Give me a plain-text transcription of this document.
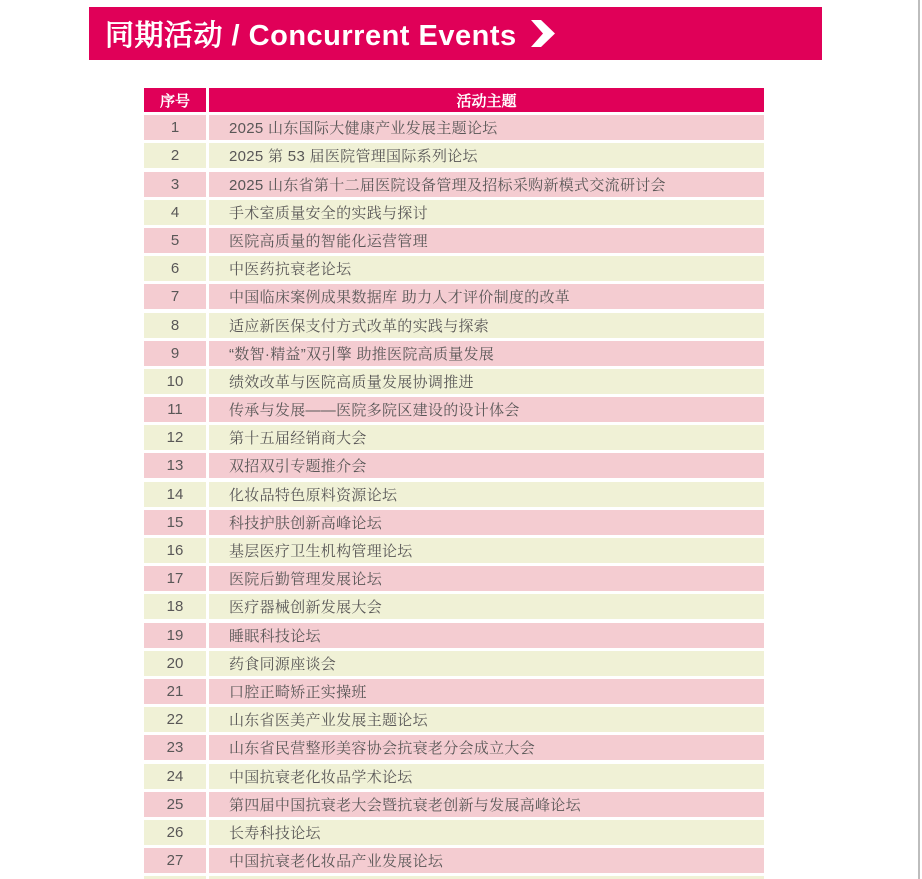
同期活动 / Concurrent Events
序号	活动主题
1	2025 山东国际大健康产业发展主题论坛
2	2025 第 53 届医院管理国际系列论坛
3	2025 山东省第十二届医院设备管理及招标采购新模式交流研讨会
4	手术室质量安全的实践与探讨
5	医院高质量的智能化运营管理
6	中医药抗衰老论坛
7	中国临床案例成果数据库 助力人才评价制度的改革
8	适应新医保支付方式改革的实践与探索
9	“数智·精益”双引擎 助推医院高质量发展
10	绩效改革与医院高质量发展协调推进
11	传承与发展——医院多院区建设的设计体会
12	第十五届经销商大会
13	双招双引专题推介会
14	化妆品特色原料资源论坛
15	科技护肤创新高峰论坛
16	基层医疗卫生机构管理论坛
17	医院后勤管理发展论坛
18	医疗器械创新发展大会
19	睡眠科技论坛
20	药食同源座谈会
21	口腔正畸矫正实操班
22	山东省医美产业发展主题论坛
23	山东省民营整形美容协会抗衰老分会成立大会
24	中国抗衰老化妆品学术论坛
25	第四届中国抗衰老大会暨抗衰老创新与发展高峰论坛
26	长寿科技论坛
27	中国抗衰老化妆品产业发展论坛
